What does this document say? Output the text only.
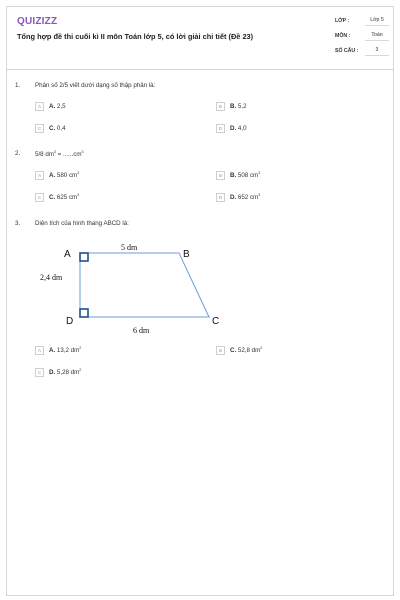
QUIZIZZ
Tổng hợp đề thi cuối kì II môn Toán lớp 5, có lời giải chi tiết (Đề 23)
LỚP :	Lớp 5
MÔN :	Toán
SỐ CÂU :	3
1. Phân số 2/5 viết dưới dạng số thập phân là:
A	A. 2,5	B	B. 5,2
C	C. 0,4	D	D. 4,0
2. 5/8 $dm^3 = ......cm^3$
A	A. 580 $cm^3$	B	B. 508 $cm^3$
C	C. 625 $cm^3$	D	D. 652 $cm^3$
3. Diện tích của hình thang ABCD là:
A	B
C
D
5 dm
2,4 dm
6 dm
A	A. 13,2 $dm^2$	B	C. 52,8 $dm^2$
C	D. 5,28 $dm^2$
